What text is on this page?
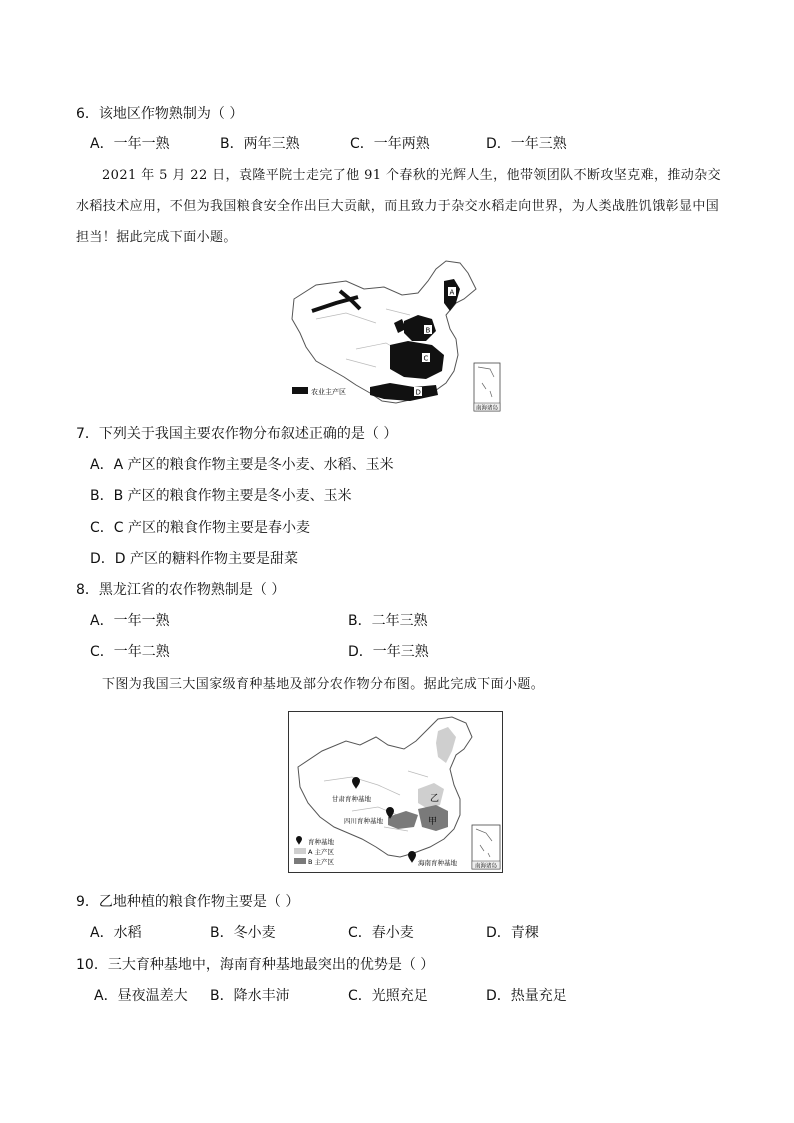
6．该地区作物熟制为（ ）
A．一年一熟	B．两年三熟	C．一年两熟	D．一年三熟
2021 年 5 月 22 日，袁隆平院士走完了他 91 个春秋的光辉人生，他带领团队不断攻坚克难，推动杂交水稻技术应用，不但为我国粮食安全作出巨大贡献，而且致力于杂交水稻走向世界，为人类战胜饥饿彰显中国担当！据此完成下面小题。
A
B
C
D
农业主产区
南海诸岛
7．下列关于我国主要农作物分布叙述正确的是（ ）
A．A 产区的粮食作物主要是冬小麦、水稻、玉米
B．B 产区的粮食作物主要是冬小麦、玉米
C．C 产区的粮食作物主要是春小麦
D．D 产区的糖料作物主要是甜菜
8．黑龙江省的农作物熟制是（ ）
A．一年一熟	B．二年三熟
C．一年二熟	D．一年三熟
下图为我国三大国家级育种基地及部分农作物分布图。据此完成下面小题。
乙
甲
甘肃育种基地
四川育种基地
海南育种基地
育种基地
A 主产区
B 主产区
南海诸岛
9．乙地种植的粮食作物主要是（ ）
A．水稻	B．冬小麦	C．春小麦	D．青稞
10．三大育种基地中，海南育种基地最突出的优势是（ ）
A．昼夜温差大 B．降水丰沛	C．光照充足	D．热量充足
